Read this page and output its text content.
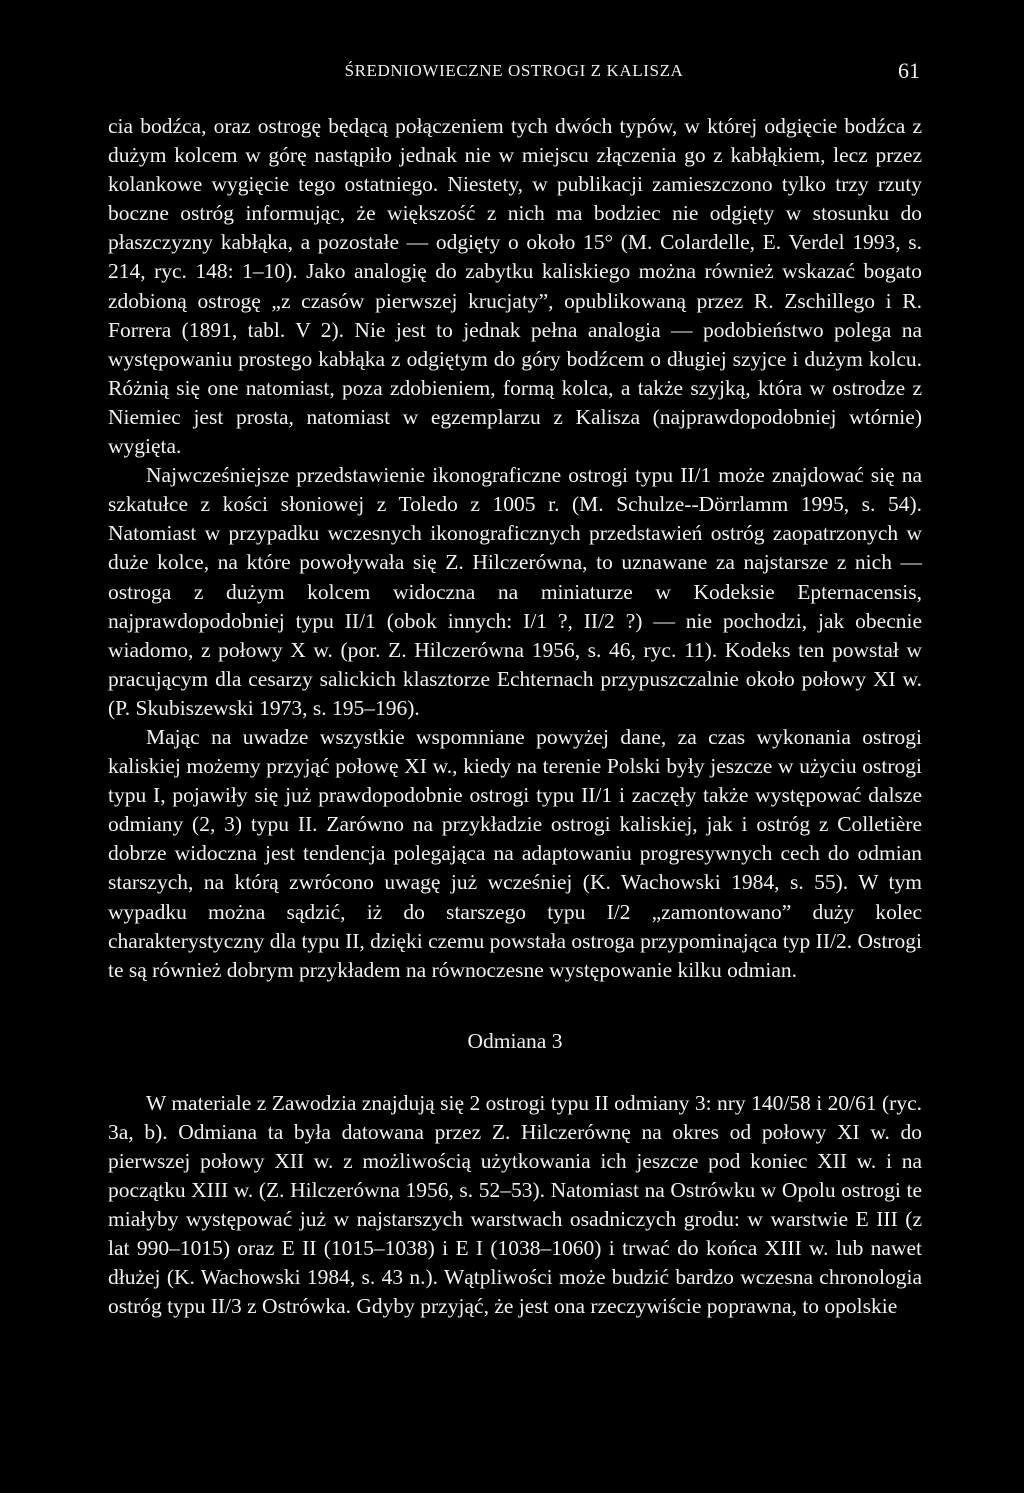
ŚREDNIOWIECZNE OSTROGI Z KALISZA	61

cia bodźca, oraz ostrogę będącą połączeniem tych dwóch typów, w której odgięcie bodźca z dużym kolcem w górę nastąpiło jednak nie w miejscu złączenia go z kabłąkiem, lecz przez kolankowe wygięcie tego ostatniego. Niestety, w publikacji zamieszczono tylko trzy rzuty boczne ostróg informując, że większość z nich ma bodziec nie odgięty w stosunku do płaszczyzny kabłąka, a pozostałe — odgięty o około 15° (M. Colardelle, E. Verdel 1993, s. 214, ryc. 148: 1–10). Jako analogię do zabytku kaliskiego można również wskazać bogato zdobioną ostrogę „z czasów pierwszej krucjaty”, opublikowaną przez R. Zschillego i R. Forrera (1891, tabl. V 2). Nie jest to jednak pełna analogia — podobieństwo polega na występowaniu prostego kabłąka z odgiętym do góry bodźcem o długiej szyjce i dużym kolcu. Różnią się one natomiast, poza zdobieniem, formą kolca, a także szyjką, która w ostrodze z Niemiec jest prosta, natomiast w egzemplarzu z Kalisza (najprawdopodobniej wtórnie) wygięta.

Najwcześniejsze przedstawienie ikonograficzne ostrogi typu II/1 może znajdować się na szkatułce z kości słoniowej z Toledo z 1005 r. (M. Schulze-⁠-Dörrlamm 1995, s. 54). Natomiast w przypadku wczesnych ikonograficznych przedstawień ostróg zaopatrzonych w duże kolce, na które powoływała się Z. Hilczerówna, to uznawane za najstarsze z nich — ostroga z dużym kolcem widoczna na miniaturze w Kodeksie Epternacensis, najprawdopodobniej typu II/1 (obok innych: I/1 ?, II/2 ?) — nie pochodzi, jak obecnie wiadomo, z połowy X w. (por. Z. Hilczerówna 1956, s. 46, ryc. 11). Kodeks ten powstał w pracującym dla cesarzy salickich klasztorze Echternach przypuszczalnie około połowy XI w. (P. Skubiszewski 1973, s. 195–196).

Mając na uwadze wszystkie wspomniane powyżej dane, za czas wykonania ostrogi kaliskiej możemy przyjąć połowę XI w., kiedy na terenie Polski były jeszcze w użyciu ostrogi typu I, pojawiły się już prawdopodobnie ostrogi typu II/1 i zaczęły także występować dalsze odmiany (2, 3) typu II. Zarówno na przykładzie ostrogi kaliskiej, jak i ostróg z Colletière dobrze widoczna jest tendencja polegająca na adaptowaniu progresywnych cech do odmian starszych, na którą zwrócono uwagę już wcześniej (K. Wachowski 1984, s. 55). W tym wypadku można sądzić, iż do starszego typu I/2 „zamontowano” duży kolec charakterystyczny dla typu II, dzięki czemu powstała ostroga przypominająca typ II/2. Ostrogi te są również dobrym przykładem na równoczesne występowanie kilku odmian.

Odmiana 3

W materiale z Zawodzia znajdują się 2 ostrogi typu II odmiany 3: nry 140/58 i 20/61 (ryc. 3a, b). Odmiana ta była datowana przez Z. Hilczerównę na okres od połowy XI w. do pierwszej połowy XII w. z możliwością użytkowania ich jeszcze pod koniec XII w. i na początku XIII w. (Z. Hilczerówna 1956, s. 52–53). Natomiast na Ostrówku w Opolu ostrogi te miałyby występować już w najstarszych warstwach osadniczych grodu: w warstwie E III (z lat 990–1015) oraz E II (1015–1038) i E I (1038–1060) i trwać do końca XIII w. lub nawet dłużej (K. Wachowski 1984, s. 43 n.). Wątpliwości może budzić bardzo wczesna chronologia ostróg typu II/3 z Ostrówka. Gdyby przyjąć, że jest ona rzeczywiście poprawna, to opolskie
